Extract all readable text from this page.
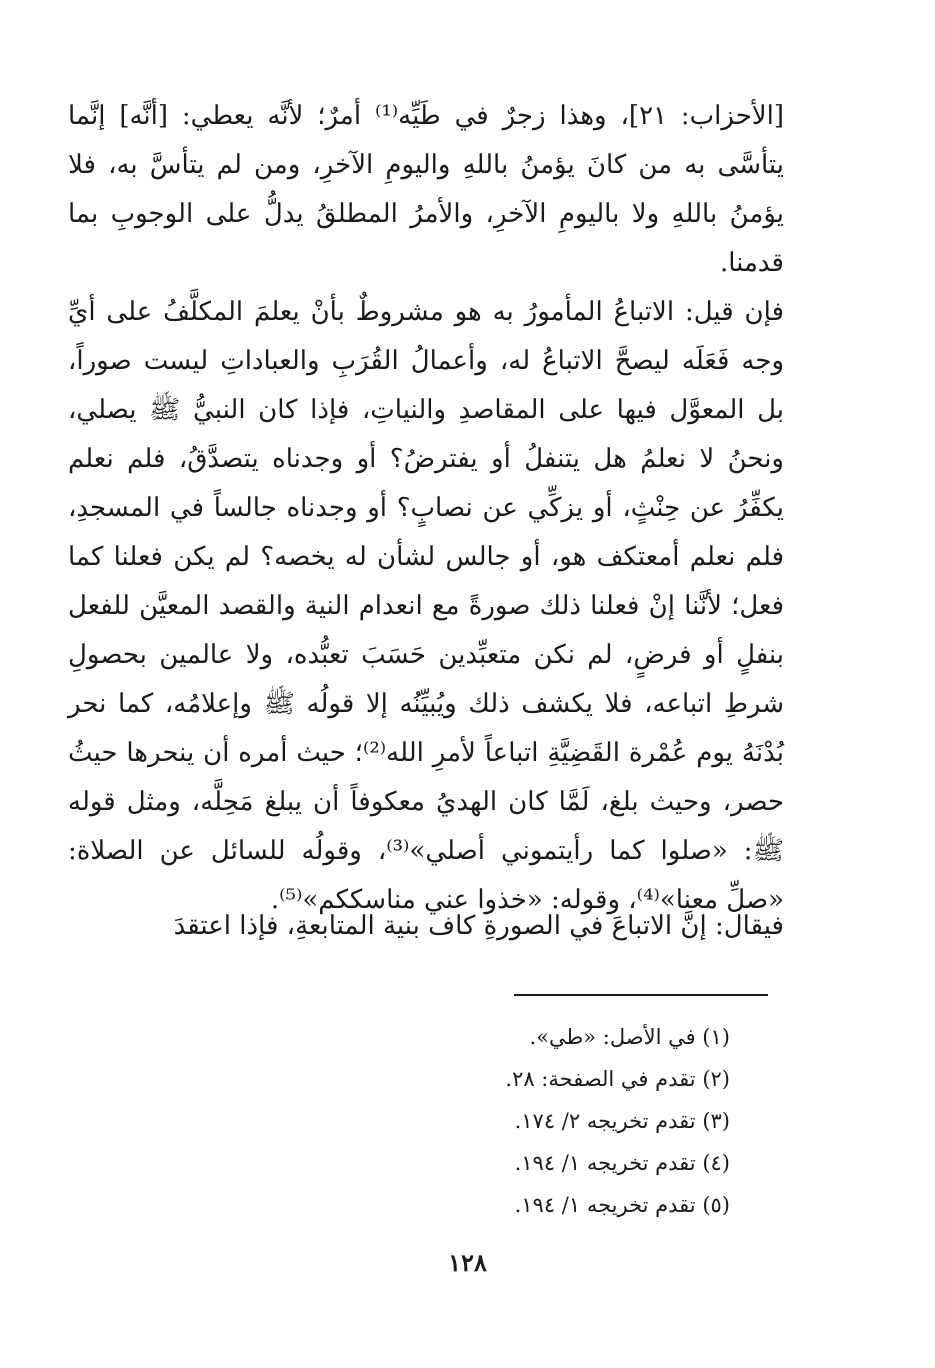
[الأحزاب: ٢١]، وهذا زجرٌ في طَيِّه⁽¹⁾ أمرٌ؛ لأنَّه يعطي: [أنَّه] إنَّما يتأسَّى به من كانَ يؤمنُ باللهِ واليومِ الآخرِ، ومن لم يتأسَّ به، فلا يؤمنُ باللهِ ولا باليومِ الآخرِ، والأمرُ المطلقُ يدلُّ على الوجوبِ بما قدمنا.

فإن قيل: الاتباعُ المأمورُ به هو مشروطٌ بأنْ يعلمَ المكلَّفُ على أيِّ وجه فَعَلَه ليصحَّ الاتباعُ له، وأعمالُ القُرَبِ والعباداتِ ليست صوراً، بل المعوَّل فيها على المقاصدِ والنياتِ، فإذا كان النبيُّ ﷺ يصلي، ونحنُ لا نعلمُ هل يتنفلُ أو يفترضُ؟ أو وجدناه يتصدَّقُ، فلم نعلم يكفِّرُ عن حِنْثٍ، أو يزكِّي عن نصابٍ؟ أو وجدناه جالساً في المسجدِ، فلم نعلم أمعتكف هو، أو جالس لشأن له يخصه؟ لم يكن فعلنا كما فعل؛ لأنَّنا إنْ فعلنا ذلك صورةً مع انعدام النية والقصد المعيَّن للفعل بنفلٍ أو فرضٍ، لم نكن متعبِّدين حَسَبَ تعبُّده، ولا عالمين بحصولِ شرطِ اتباعه، فلا يكشف ذلك ويُبيِّنُه إلا قولُه ﷺ وإعلامُه، كما نحر بُدْنَهُ يوم عُمْرة القَضِيَّةِ اتباعاً لأمرِ الله⁽²⁾؛ حيث أمره أن ينحرها حيثُ حصر، وحيث بلغ، لَمَّا كان الهديُ معكوفاً أن يبلغ مَحِلَّه، ومثل قوله ﷺ: «صلوا كما رأيتموني أصلي»⁽³⁾، وقولُه للسائل عن الصلاة: «صلِّ معنا»⁽⁴⁾، وقوله: «خذوا عني مناسككم»⁽⁵⁾.

فيقال: إنَّ الاتباعَ في الصورةِ كاف بنية المتابعةِ، فإذا اعتقدَ

(١) في الأصل: «طي».
(٢) تقدم في الصفحة: ٢٨.
(٣) تقدم تخريجه ٢/ ١٧٤.
(٤) تقدم تخريجه ١/ ١٩٤.
(٥) تقدم تخريجه ١/ ١٩٤.
١٢٨
